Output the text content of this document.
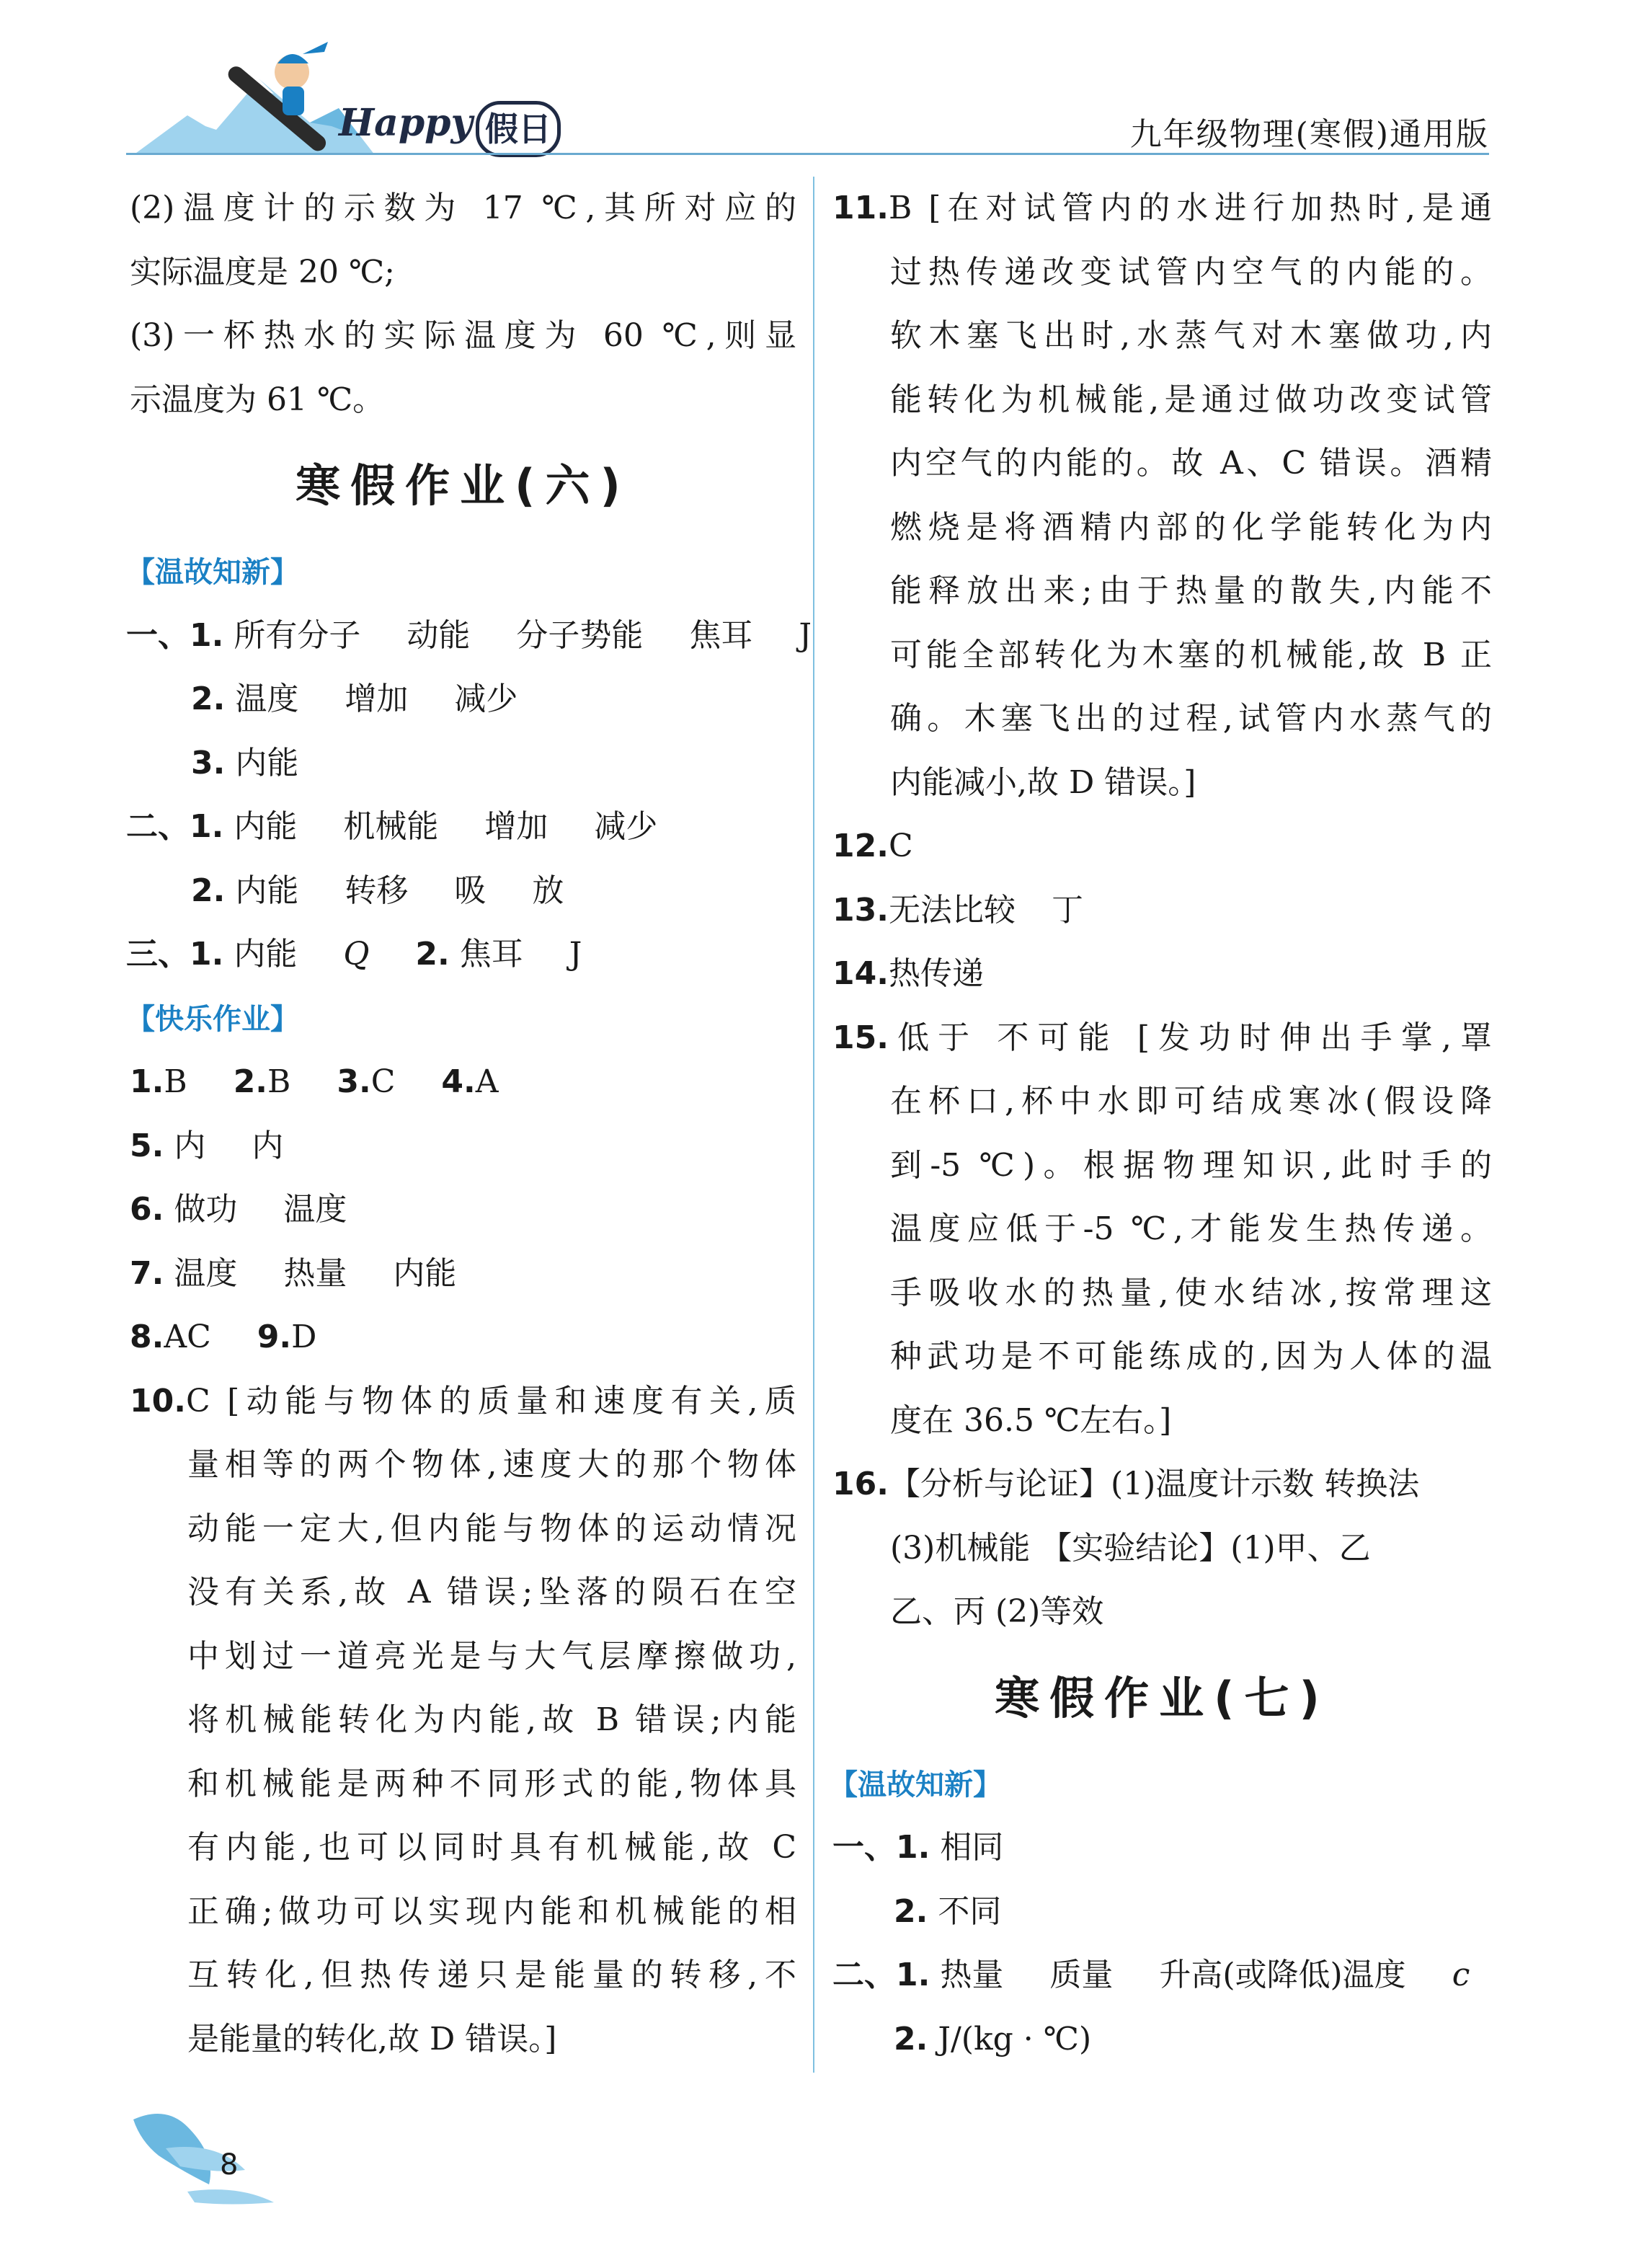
Happy 假日	九年级物理(寒假)通用版
(2)温度计的示数为 17 ℃,其所对应的
实际温度是 20 ℃;
(3)一杯热水的实际温度为 60 ℃,则显
示温度为 61 ℃。
寒假作业(六)
【温故知新】
一、1. 所有分子 动能 分子势能 焦耳 J
2. 温度 增加 减少
3. 内能
二、1. 内能 机械能 增加 减少
2. 内能 转移 吸 放
三、1. 内能 Q 2. 焦耳 J
【快乐作业】
1.B 2.B 3.C 4.A
5. 内 内
6. 做功 温度
7. 温度 热量 内能
8.AC 9.D
10.C [动能与物体的质量和速度有关,质
量相等的两个物体,速度大的那个物体
动能一定大,但内能与物体的运动情况
没有关系,故 A 错误;坠落的陨石在空
中划过一道亮光是与大气层摩擦做功,
将机械能转化为内能,故 B 错误;内能
和机械能是两种不同形式的能,物体具
有内能,也可以同时具有机械能,故 C
正确;做功可以实现内能和机械能的相
互转化,但热传递只是能量的转移,不
是能量的转化,故 D 错误。]
11.B [在对试管内的水进行加热时,是通
过热传递改变试管内空气的内能的。
软木塞飞出时,水蒸气对木塞做功,内
能转化为机械能,是通过做功改变试管
内空气的内能的。故 A、C 错误。酒精
燃烧是将酒精内部的化学能转化为内
能释放出来;由于热量的散失,内能不
可能全部转化为木塞的机械能,故 B 正
确。木塞飞出的过程,试管内水蒸气的
内能减小,故 D 错误。]
12.C
13.无法比较 丁
14.热传递
15.低于 不可能 [发功时伸出手掌,罩
在杯口,杯中水即可结成寒冰(假设降
到-5 ℃)。根据物理知识,此时手的
温度应低于-5 ℃,才能发生热传递。
手吸收水的热量,使水结冰,按常理这
种武功是不可能练成的,因为人体的温
度在 36.5 ℃左右。]
16.【分析与论证】(1)温度计示数 转换法
(3)机械能 【实验结论】(1)甲、乙
乙、丙 (2)等效
寒假作业(七)
【温故知新】
一、1. 相同
2. 不同
二、1. 热量 质量 升高(或降低)温度 c
2. J/(kg · ℃)
8
